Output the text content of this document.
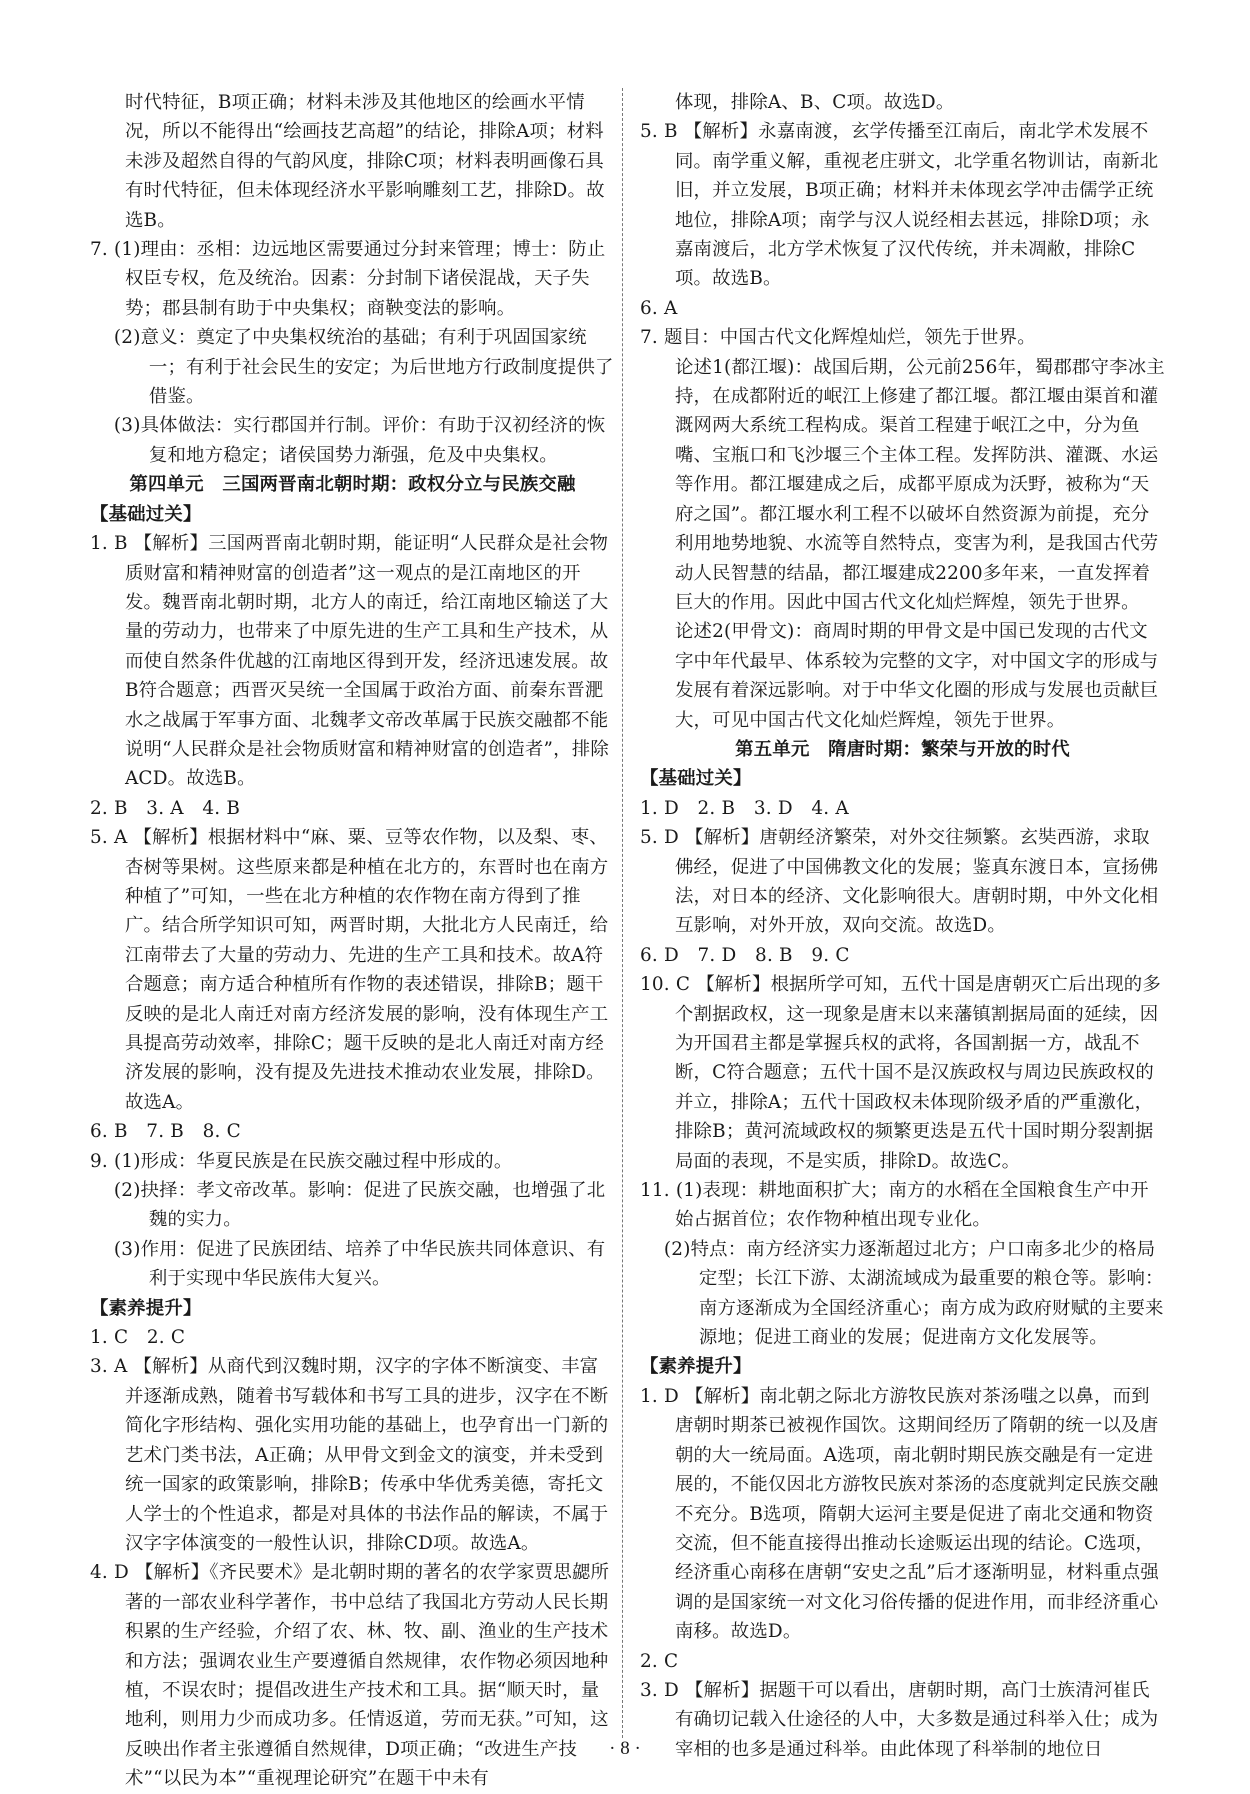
时代特征，B项正确；材料未涉及其他地区的绘画水平情况，所以不能得出“绘画技艺高超”的结论，排除A项；材料未涉及超然自得的气韵风度，排除C项；材料表明画像石具有时代特征，但未体现经济水平影响雕刻工艺，排除D。故选B。

7. (1)理由：丞相：边远地区需要通过分封来管理；博士：防止权臣专权，危及统治。因素：分封制下诸侯混战，天子失势；郡县制有助于中央集权；商鞅变法的影响。

(2)意义：奠定了中央集权统治的基础；有利于巩固国家统一；有利于社会民生的安定；为后世地方行政制度提供了借鉴。

(3)具体做法：实行郡国并行制。评价：有助于汉初经济的恢复和地方稳定；诸侯国势力渐强，危及中央集权。

第四单元　三国两晋南北朝时期：政权分立与民族交融

【基础过关】

1. B 【解析】三国两晋南北朝时期，能证明“人民群众是社会物质财富和精神财富的创造者”这一观点的是江南地区的开发。魏晋南北朝时期，北方人的南迁，给江南地区输送了大量的劳动力，也带来了中原先进的生产工具和生产技术，从而使自然条件优越的江南地区得到开发，经济迅速发展。故B符合题意；西晋灭吴统一全国属于政治方面、前秦东晋淝水之战属于军事方面、北魏孝文帝改革属于民族交融都不能说明“人民群众是社会物质财富和精神财富的创造者”，排除ACD。故选B。

2. B　3. A　4. B

5. A 【解析】根据材料中“麻、粟、豆等农作物，以及梨、枣、杏树等果树。这些原来都是种植在北方的，东晋时也在南方种植了”可知，一些在北方种植的农作物在南方得到了推广。结合所学知识可知，两晋时期，大批北方人民南迁，给江南带去了大量的劳动力、先进的生产工具和技术。故A符合题意；南方适合种植所有作物的表述错误，排除B；题干反映的是北人南迁对南方经济发展的影响，没有体现生产工具提高劳动效率，排除C；题干反映的是北人南迁对南方经济发展的影响，没有提及先进技术推动农业发展，排除D。故选A。

6. B　7. B　8. C

9. (1)形成：华夏民族是在民族交融过程中形成的。

(2)抉择：孝文帝改革。影响：促进了民族交融，也增强了北魏的实力。

(3)作用：促进了民族团结、培养了中华民族共同体意识、有利于实现中华民族伟大复兴。

【素养提升】

1. C　2. C

3. A 【解析】从商代到汉魏时期，汉字的字体不断演变、丰富并逐渐成熟，随着书写载体和书写工具的进步，汉字在不断简化字形结构、强化实用功能的基础上，也孕育出一门新的艺术门类书法，A正确；从甲骨文到金文的演变，并未受到统一国家的政策影响，排除B；传承中华优秀美德，寄托文人学士的个性追求，都是对具体的书法作品的解读，不属于汉字字体演变的一般性认识，排除CD项。故选A。

4. D 【解析】《齐民要术》是北朝时期的著名的农学家贾思勰所著的一部农业科学著作，书中总结了我国北方劳动人民长期积累的生产经验，介绍了农、林、牧、副、渔业的生产技术和方法；强调农业生产要遵循自然规律，农作物必须因地种植，不误农时；提倡改进生产技术和工具。据“顺天时，量地利，则用力少而成功多。任情返道，劳而无获。”可知，这反映出作者主张遵循自然规律，D项正确；“改进生产技术”“以民为本”“重视理论研究”在题干中未有

体现，排除A、B、C项。故选D。

5. B 【解析】永嘉南渡，玄学传播至江南后，南北学术发展不同。南学重义解，重视老庄骈文，北学重名物训诂，南新北旧，并立发展，B项正确；材料并未体现玄学冲击儒学正统地位，排除A项；南学与汉人说经相去甚远，排除D项；永嘉南渡后，北方学术恢复了汉代传统，并未凋敝，排除C项。故选B。

6. A

7. 题目：中国古代文化辉煌灿烂，领先于世界。

论述1(都江堰)：战国后期，公元前256年，蜀郡郡守李冰主持，在成都附近的岷江上修建了都江堰。都江堰由渠首和灌溉网两大系统工程构成。渠首工程建于岷江之中，分为鱼嘴、宝瓶口和飞沙堰三个主体工程。发挥防洪、灌溉、水运等作用。都江堰建成之后，成都平原成为沃野，被称为“天府之国”。都江堰水利工程不以破坏自然资源为前提，充分利用地势地貌、水流等自然特点，变害为利，是我国古代劳动人民智慧的结晶，都江堰建成2200多年来，一直发挥着巨大的作用。因此中国古代文化灿烂辉煌，领先于世界。

论述2(甲骨文)：商周时期的甲骨文是中国已发现的古代文字中年代最早、体系较为完整的文字，对中国文字的形成与发展有着深远影响。对于中华文化圈的形成与发展也贡献巨大，可见中国古代文化灿烂辉煌，领先于世界。

第五单元　隋唐时期：繁荣与开放的时代

【基础过关】

1. D　2. B　3. D　4. A

5. D 【解析】唐朝经济繁荣，对外交往频繁。玄奘西游，求取佛经，促进了中国佛教文化的发展；鉴真东渡日本，宣扬佛法，对日本的经济、文化影响很大。唐朝时期，中外文化相互影响，对外开放，双向交流。故选D。

6. D　7. D　8. B　9. C

10. C 【解析】根据所学可知，五代十国是唐朝灭亡后出现的多个割据政权，这一现象是唐末以来藩镇割据局面的延续，因为开国君主都是掌握兵权的武将，各国割据一方，战乱不断，C符合题意；五代十国不是汉族政权与周边民族政权的并立，排除A；五代十国政权未体现阶级矛盾的严重激化，排除B；黄河流域政权的频繁更迭是五代十国时期分裂割据局面的表现，不是实质，排除D。故选C。

11. (1)表现：耕地面积扩大；南方的水稻在全国粮食生产中开始占据首位；农作物种植出现专业化。

(2)特点：南方经济实力逐渐超过北方；户口南多北少的格局定型；长江下游、太湖流域成为最重要的粮仓等。影响：南方逐渐成为全国经济重心；南方成为政府财赋的主要来源地；促进工商业的发展；促进南方文化发展等。

【素养提升】

1. D 【解析】南北朝之际北方游牧民族对茶汤嗤之以鼻，而到唐朝时期茶已被视作国饮。这期间经历了隋朝的统一以及唐朝的大一统局面。A选项，南北朝时期民族交融是有一定进展的，不能仅因北方游牧民族对茶汤的态度就判定民族交融不充分。B选项，隋朝大运河主要是促进了南北交通和物资交流，但不能直接得出推动长途贩运出现的结论。C选项，经济重心南移在唐朝“安史之乱”后才逐渐明显，材料重点强调的是国家统一对文化习俗传播的促进作用，而非经济重心南移。故选D。

2. C

3. D 【解析】据题干可以看出，唐朝时期，高门士族清河崔氏有确切记载入仕途径的人中，大多数是通过科举入仕；成为宰相的也多是通过科举。由此体现了科举制的地位日

· 8 ·
